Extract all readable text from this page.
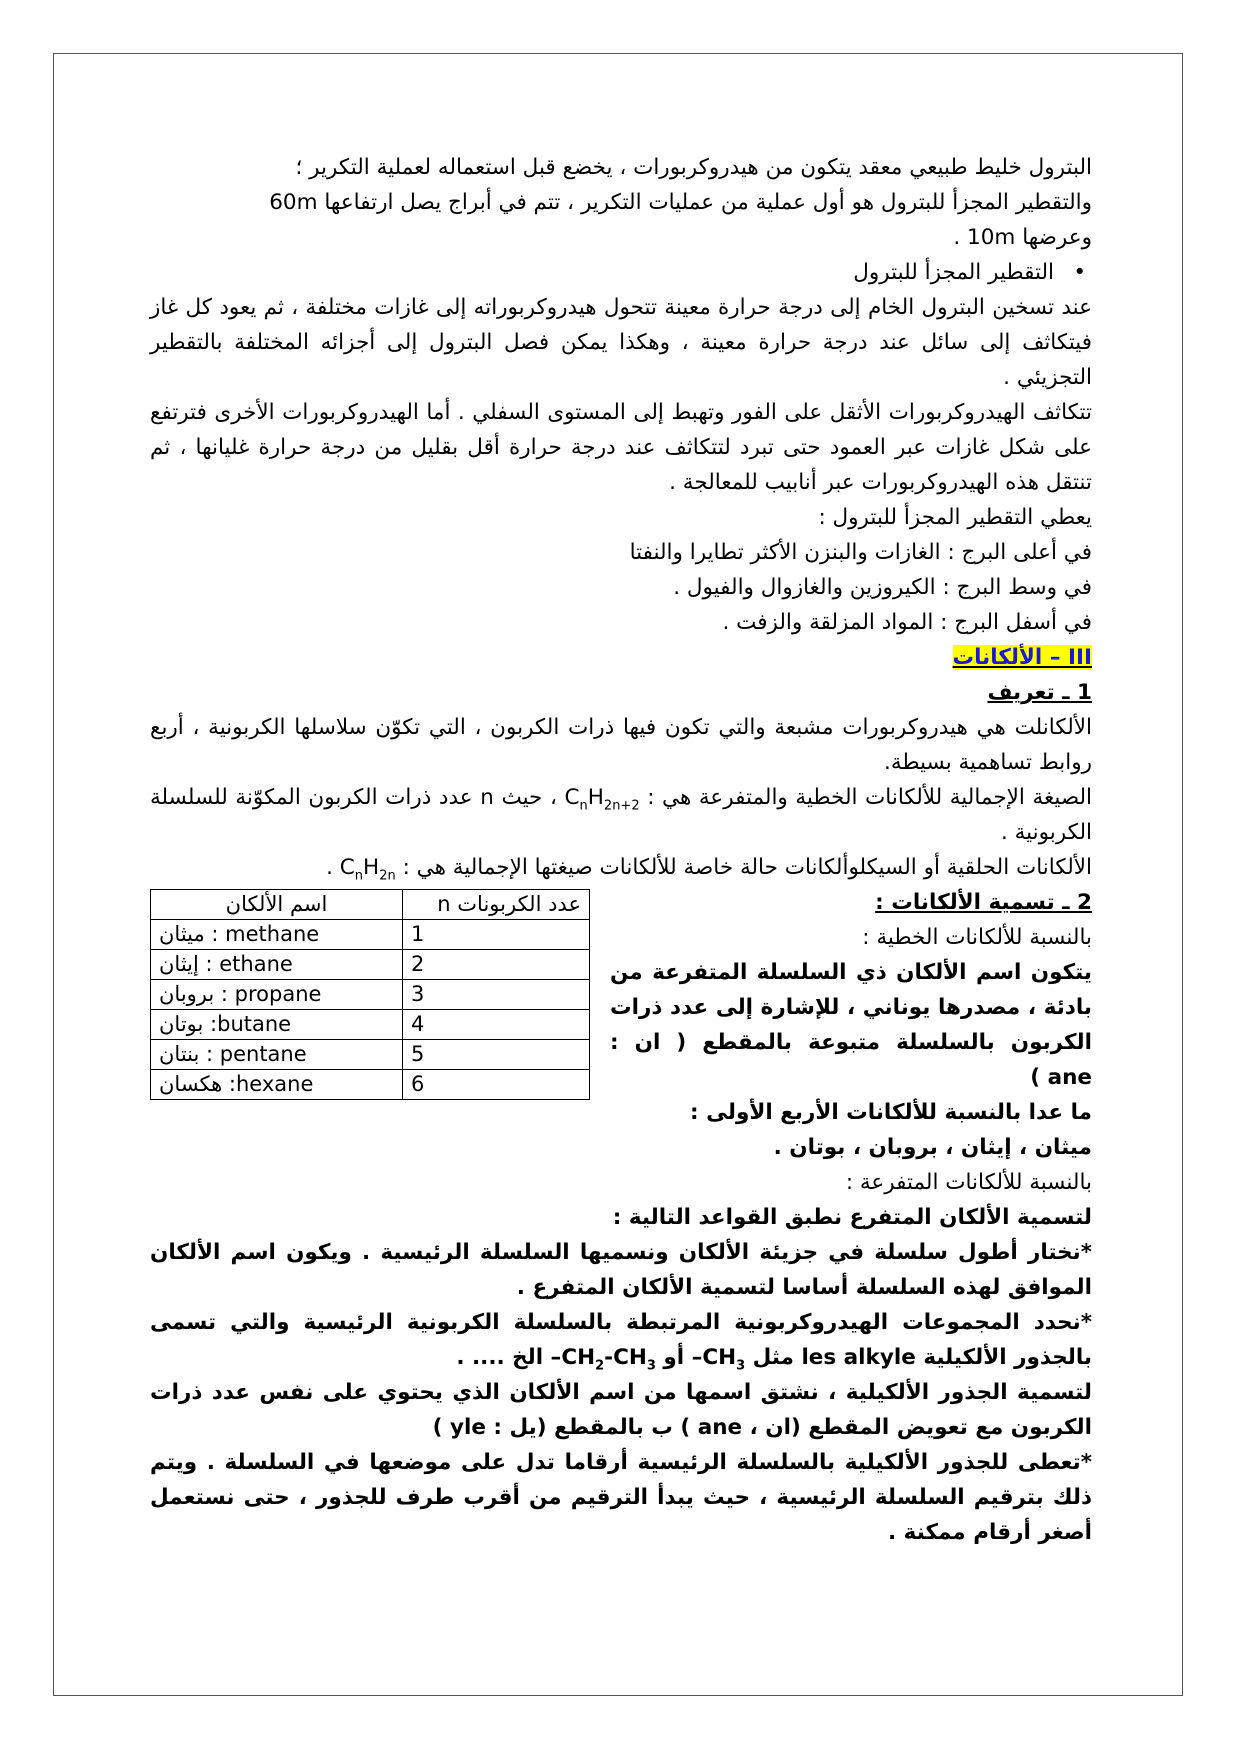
البترول خليط طبيعي معقد يتكون من هيدروكربورات ، يخضع قبل استعماله لعملية التكرير ؛

والتقطير المجزأ للبترول هو أول عملية من عمليات التكرير ، تتم في أبراج يصل ارتفاعها 60m

وعرضها 10m .

• التقطير المجزأ للبترول

عند تسخين البترول الخام إلى درجة حرارة معينة تتحول هيدروكربوراته إلى غازات مختلفة ، ثم يعود كل غاز فيتكاثف إلى سائل عند درجة حرارة معينة ، وهكذا يمكن فصل البترول إلى أجزائه المختلفة بالتقطير التجزيئي .

تتكاثف الهيدروكربورات الأثقل على الفور وتهبط إلى المستوى السفلي . أما الهيدروكربورات الأخرى فترتفع على شكل غازات عبر العمود حتى تبرد لتتكاثف عند درجة حرارة أقل بقليل من درجة حرارة غليانها ، ثم تنتقل هذه الهيدروكربورات عبر أنابيب للمعالجة .

يعطي التقطير المجزأ للبترول :

في أعلى البرج : الغازات والبنزن الأكثر تطايرا والنفتا

في وسط البرج : الكيروزين والغازوال والفيول .

في أسفل البرج : المواد المزلقة والزفت .

III – الألكانات

1 ـ تعريف

الألكانلت هي هيدروكربورات مشبعة والتي تكون فيها ذرات الكربون ، التي تكوّن سلاسلها الكربونية ، أربع روابط تساهمية بسيطة.

الصيغة الإجمالية للألكانات الخطية والمتفرعة هي : $C_nH_{2n+2}$ ، حيث n عدد ذرات الكربون المكوّنة للسلسلة الكربونية .

الألكانات الحلقية أو السيكلوألكانات حالة خاصة للألكانات صيغتها الإجمالية هي : $C_nH_{2n}$ .

2 ـ تسمية الألكانات :

بالنسبة للألكانات الخطية :

يتكون اسم الألكان ذي السلسلة المتفرعة من بادئة ، مصدرها يوناني ، للإشارة إلى عدد ذرات الكربون بالسلسلة متبوعة بالمقطع ( ان : ane )

ما عدا بالنسبة للألكانات الأربع الأولى :

ميثان ، إيثان ، بروبان ، بوتان .

عدد الكربونات n	اسم الألكان
1	methane : ميثان
2	ethane : إيثان
3	propane : بروبان
4	butane: بوتان
5	pentane : بنتان
6	hexane: هكسان

بالنسبة للألكانات المتفرعة :

لتسمية الألكان المتفرع نطبق القواعد التالية :

*نختار أطول سلسلة في جزيئة الألكان ونسميها السلسلة الرئيسية . ويكون اسم الألكان الموافق لهذه السلسلة أساسا لتسمية الألكان المتفرع .

*نحدد المجموعات الهيدروكربونية المرتبطة بالسلسلة الكربونية الرئيسية والتي تسمى بالجذور الألكيلية les alkyle مثل $CH_3-$ أو $CH_2-CH_3-$ الخ .... .

لتسمية الجذور الألكيلية ، نشتق اسمها من اسم الألكان الذي يحتوي على نفس عدد ذرات الكربون مع تعويض المقطع (ان ، ane ) ب بالمقطع (يل : yle )

*تعطى للجذور الألكيلية بالسلسلة الرئيسية أرقاما تدل على موضعها في السلسلة . ويتم ذلك بترقيم السلسلة الرئيسية ، حيث يبدأ الترقيم من أقرب طرف للجذور ، حتى نستعمل أصغر أرقام ممكنة .
